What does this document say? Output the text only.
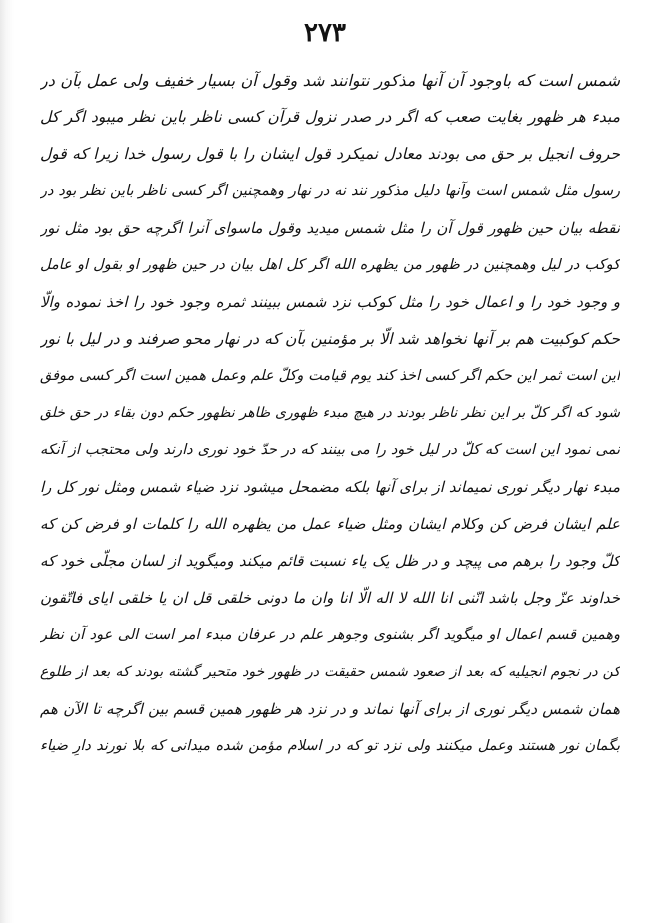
۲۷۳
شمس است که باوجود آن آنها مذکور نتوانند شد وقول آن بسیار خفیف ولی عمل بآن در
مبدء هر ظهور بغایت صعب که اگر در صدر نزول قرآن کسی ناظر باین نظر میبود اگر کل
حروف انجیل بر حق می بودند معادل نمیکرد قول ایشان را با قول رسول خدا زیرا که قول
رسول مثل شمس است وآنها دلیل مذکور نند نه در نهار وهمچنین اگر کسی ناظر باین نظر بود در
نقطه بیان حین ظهور قول آن را مثل شمس میدید وقول ماسوای آنرا اگرچه حق بود مثل نور
کوکب در لیل وهمچنین در ظهور من یظهره الله اگر کل اهل بیان در حین ظهور او بقول او عامل
و وجود خود را و اعمال خود را مثل کوکب نزد شمس ببینند ثمره وجود خود را اخذ نموده والّا
حکم کوکبیت هم بر آنها نخواهد شد الّا بر مؤمنین بآن که در نهار محو صرفند و در لیل با نور
این است ثمر این حکم اگر کسی اخذ کند یوم قیامت وکلّ علم وعمل همین است اگر کسی موفق
شود که اگر کلّ بر این نظر ناظر بودند در هیچ مبدء ظهوری ظاهر نظهور حکم دون بقاء در حق خلق
نمی نمود این است که کلّ در لیل خود را می بینند که در حدّ خود نوری دارند ولی محتجب از آنکه
مبدء نهار دیگر نوری نمیماند از برای آنها بلکه مضمحل میشود نزد ضیاء شمس ومثل نور کل را
علم ایشان فرض کن وکلام ایشان ومثل ضیاء عمل من یظهره الله را کلمات او فرض کن که
کلّ وجود را برهم می پیچد و در ظل یک یاء نسبت قائم میکند ومیگوید از لسان مجلّی خود که
خداوند عزّ وجل باشد انّنی انا الله لا اله الّا انا وان ما دونی خلقی قل ان یا خلقی ایای فاتّقون
وهمین قسم اعمال او میگوید اگر بشنوی وجوهر علم در عرفان مبدء امر است الی عود آن نظر
کن در نجوم انجیلیه که بعد از صعود شمس حقیقت در ظهور خود متحیر گشته بودند که بعد از طلوع
همان شمس دیگر نوری از برای آنها نماند و در نزد هر ظهور همین قسم بین اگرچه تا الآن هم
بگمان نور هستند وعمل میکنند ولی نزد تو که در اسلام مؤمن شده میدانی که بلا نورند دارِ ضیاء
